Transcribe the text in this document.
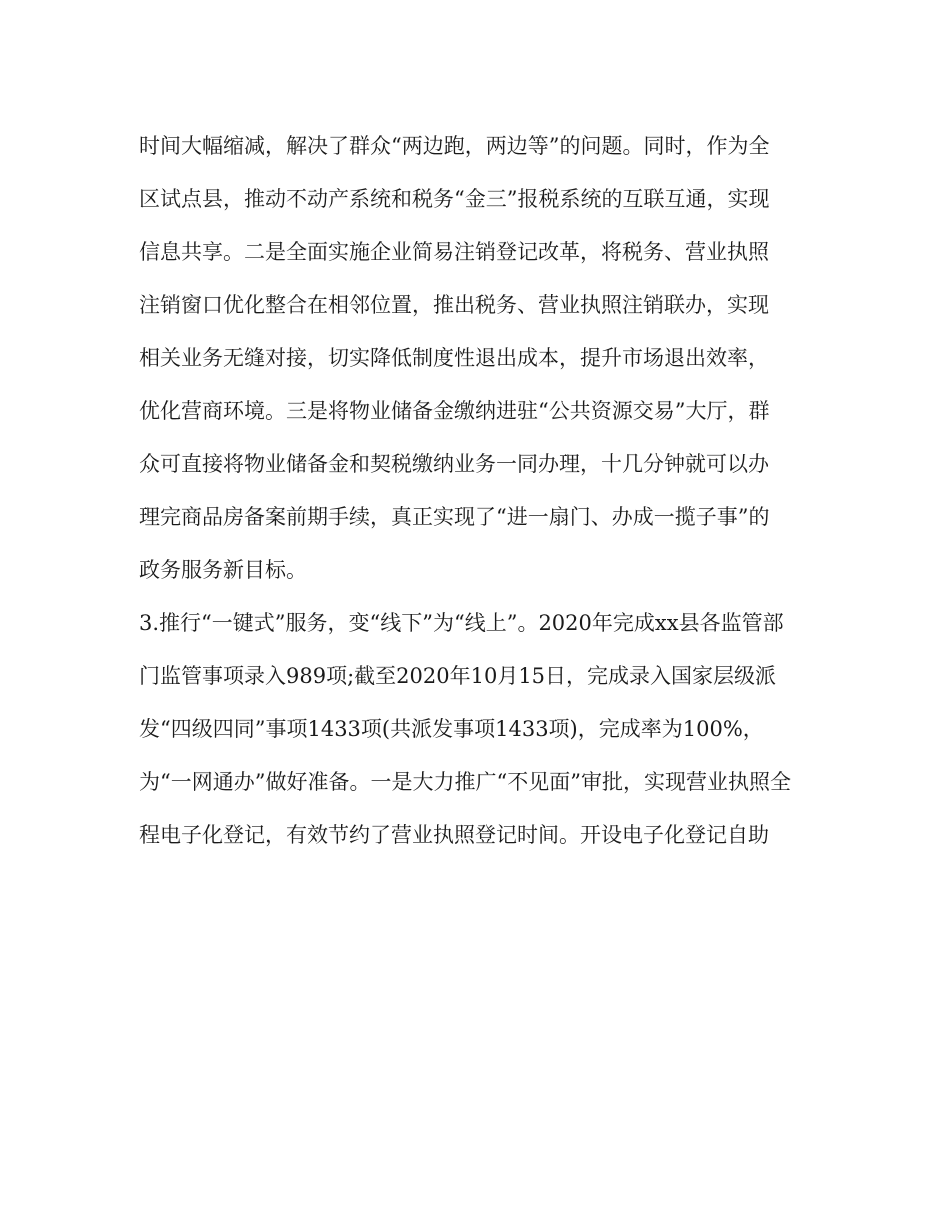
时间大幅缩减，解决了群众“两边跑，两边等”的问题。同时，作为全
区试点县，推动不动产系统和税务“金三”报税系统的互联互通，实现
信息共享。二是全面实施企业简易注销登记改革，将税务、营业执照
注销窗口优化整合在相邻位置，推出税务、营业执照注销联办，实现
相关业务无缝对接，切实降低制度性退出成本，提升市场退出效率，
优化营商环境。三是将物业储备金缴纳进驻“公共资源交易”大厅，群
众可直接将物业储备金和契税缴纳业务一同办理，十几分钟就可以办
理完商品房备案前期手续，真正实现了“进一扇门、办成一揽子事”的
政务服务新目标。
3.推行“一键式”服务，变“线下”为“线上”。2020年完成xx县各监管部
门监管事项录入989项;截至2020年10月15日，完成录入国家层级派
发“四级四同”事项1433项(共派发事项1433项)，完成率为100%，
为“一网通办”做好准备。一是大力推广“不见面”审批，实现营业执照全
程电子化登记，有效节约了营业执照登记时间。开设电子化登记自助
